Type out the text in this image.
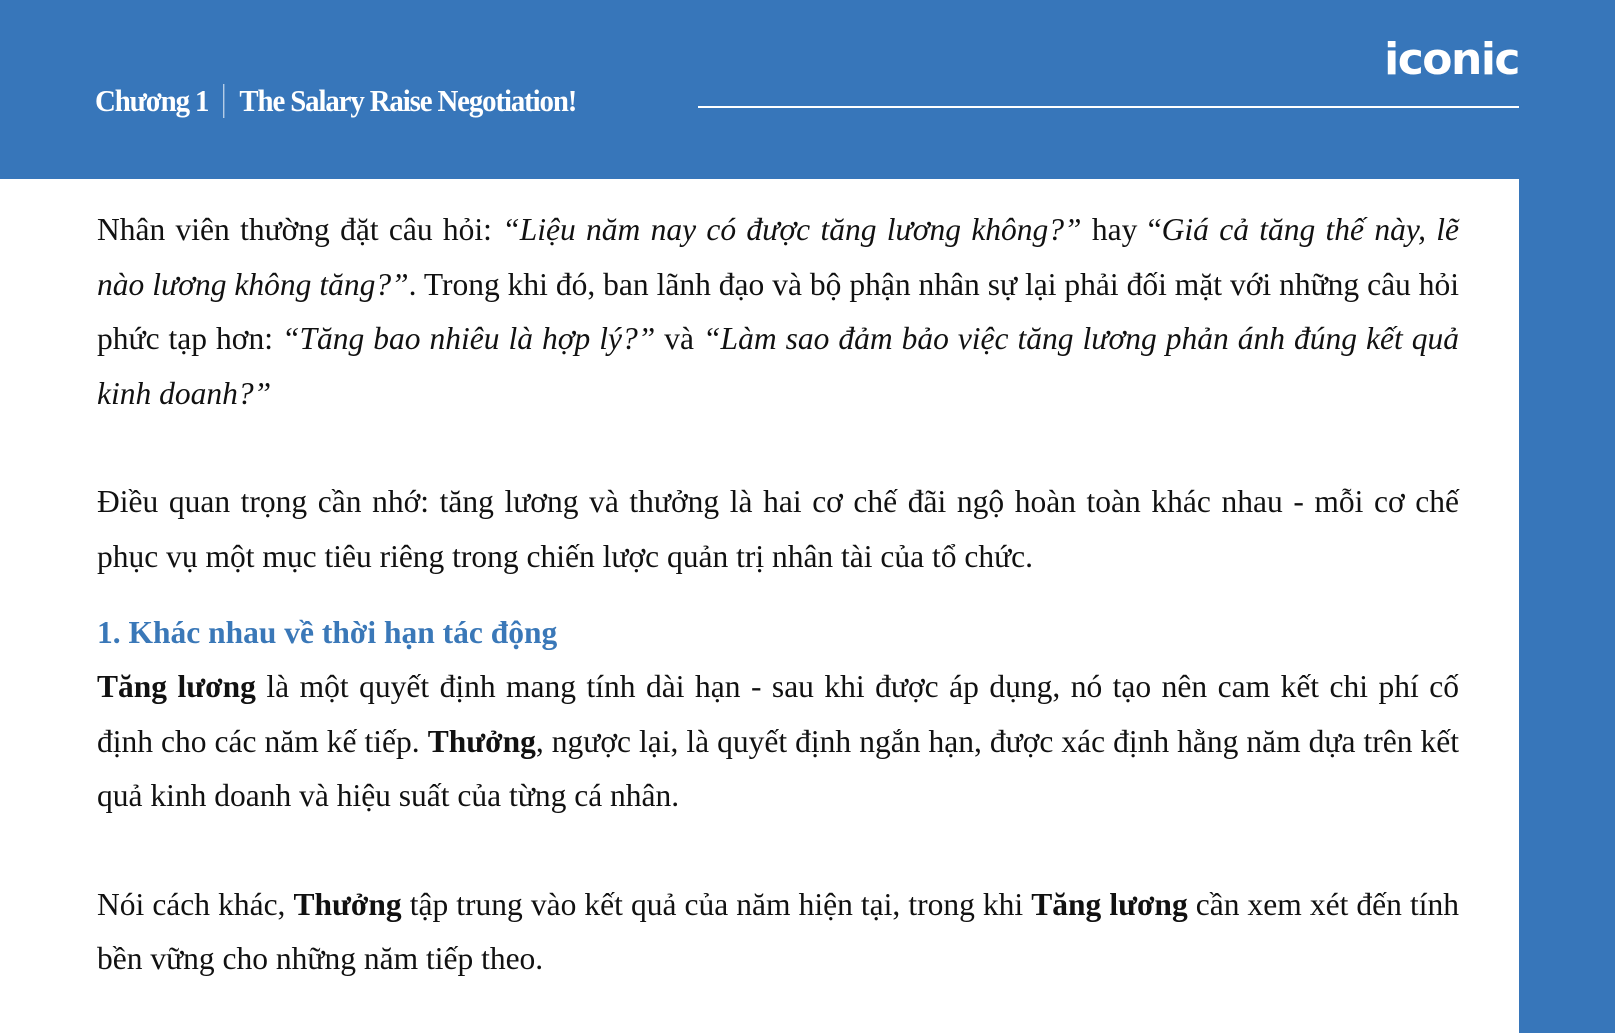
Chương 1 The Salary Raise Negotiation!
iconic

Nhân viên thường đặt câu hỏi: “Liệu năm nay có được tăng lương không?” hay “Giá cả tăng thế này, lẽ nào lương không tăng?”. Trong khi đó, ban lãnh đạo và bộ phận nhân sự lại phải đối mặt với những câu hỏi phức tạp hơn: “Tăng bao nhiêu là hợp lý?” và “Làm sao đảm bảo việc tăng lương phản ánh đúng kết quả kinh doanh?”

Điều quan trọng cần nhớ: tăng lương và thưởng là hai cơ chế đãi ngộ hoàn toàn khác nhau - mỗi cơ chế phục vụ một mục tiêu riêng trong chiến lược quản trị nhân tài của tổ chức.

1. Khác nhau về thời hạn tác động

Tăng lương là một quyết định mang tính dài hạn - sau khi được áp dụng, nó tạo nên cam kết chi phí cố định cho các năm kế tiếp. Thưởng, ngược lại, là quyết định ngắn hạn, được xác định hằng năm dựa trên kết quả kinh doanh và hiệu suất của từng cá nhân.

Nói cách khác, Thưởng tập trung vào kết quả của năm hiện tại, trong khi Tăng lương cần xem xét đến tính bền vững cho những năm tiếp theo.
